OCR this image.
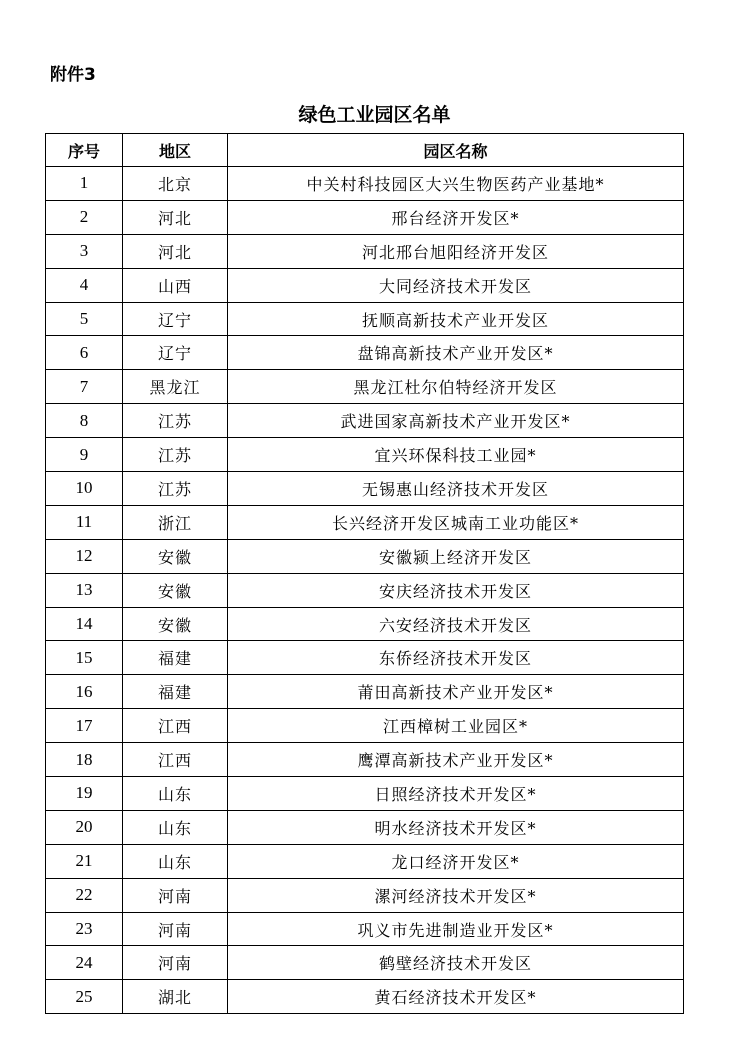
附件3
绿色工业园区名单
序号	地区	园区名称
1	北京	中关村科技园区大兴生物医药产业基地*
2	河北	邢台经济开发区*
3	河北	河北邢台旭阳经济开发区
4	山西	大同经济技术开发区
5	辽宁	抚顺高新技术产业开发区
6	辽宁	盘锦高新技术产业开发区*
7	黑龙江	黑龙江杜尔伯特经济开发区
8	江苏	武进国家高新技术产业开发区*
9	江苏	宜兴环保科技工业园*
10	江苏	无锡惠山经济技术开发区
11	浙江	长兴经济开发区城南工业功能区*
12	安徽	安徽颍上经济开发区
13	安徽	安庆经济技术开发区
14	安徽	六安经济技术开发区
15	福建	东侨经济技术开发区
16	福建	莆田高新技术产业开发区*
17	江西	江西樟树工业园区*
18	江西	鹰潭高新技术产业开发区*
19	山东	日照经济技术开发区*
20	山东	明水经济技术开发区*
21	山东	龙口经济开发区*
22	河南	漯河经济技术开发区*
23	河南	巩义市先进制造业开发区*
24	河南	鹤壁经济技术开发区
25	湖北	黄石经济技术开发区*
